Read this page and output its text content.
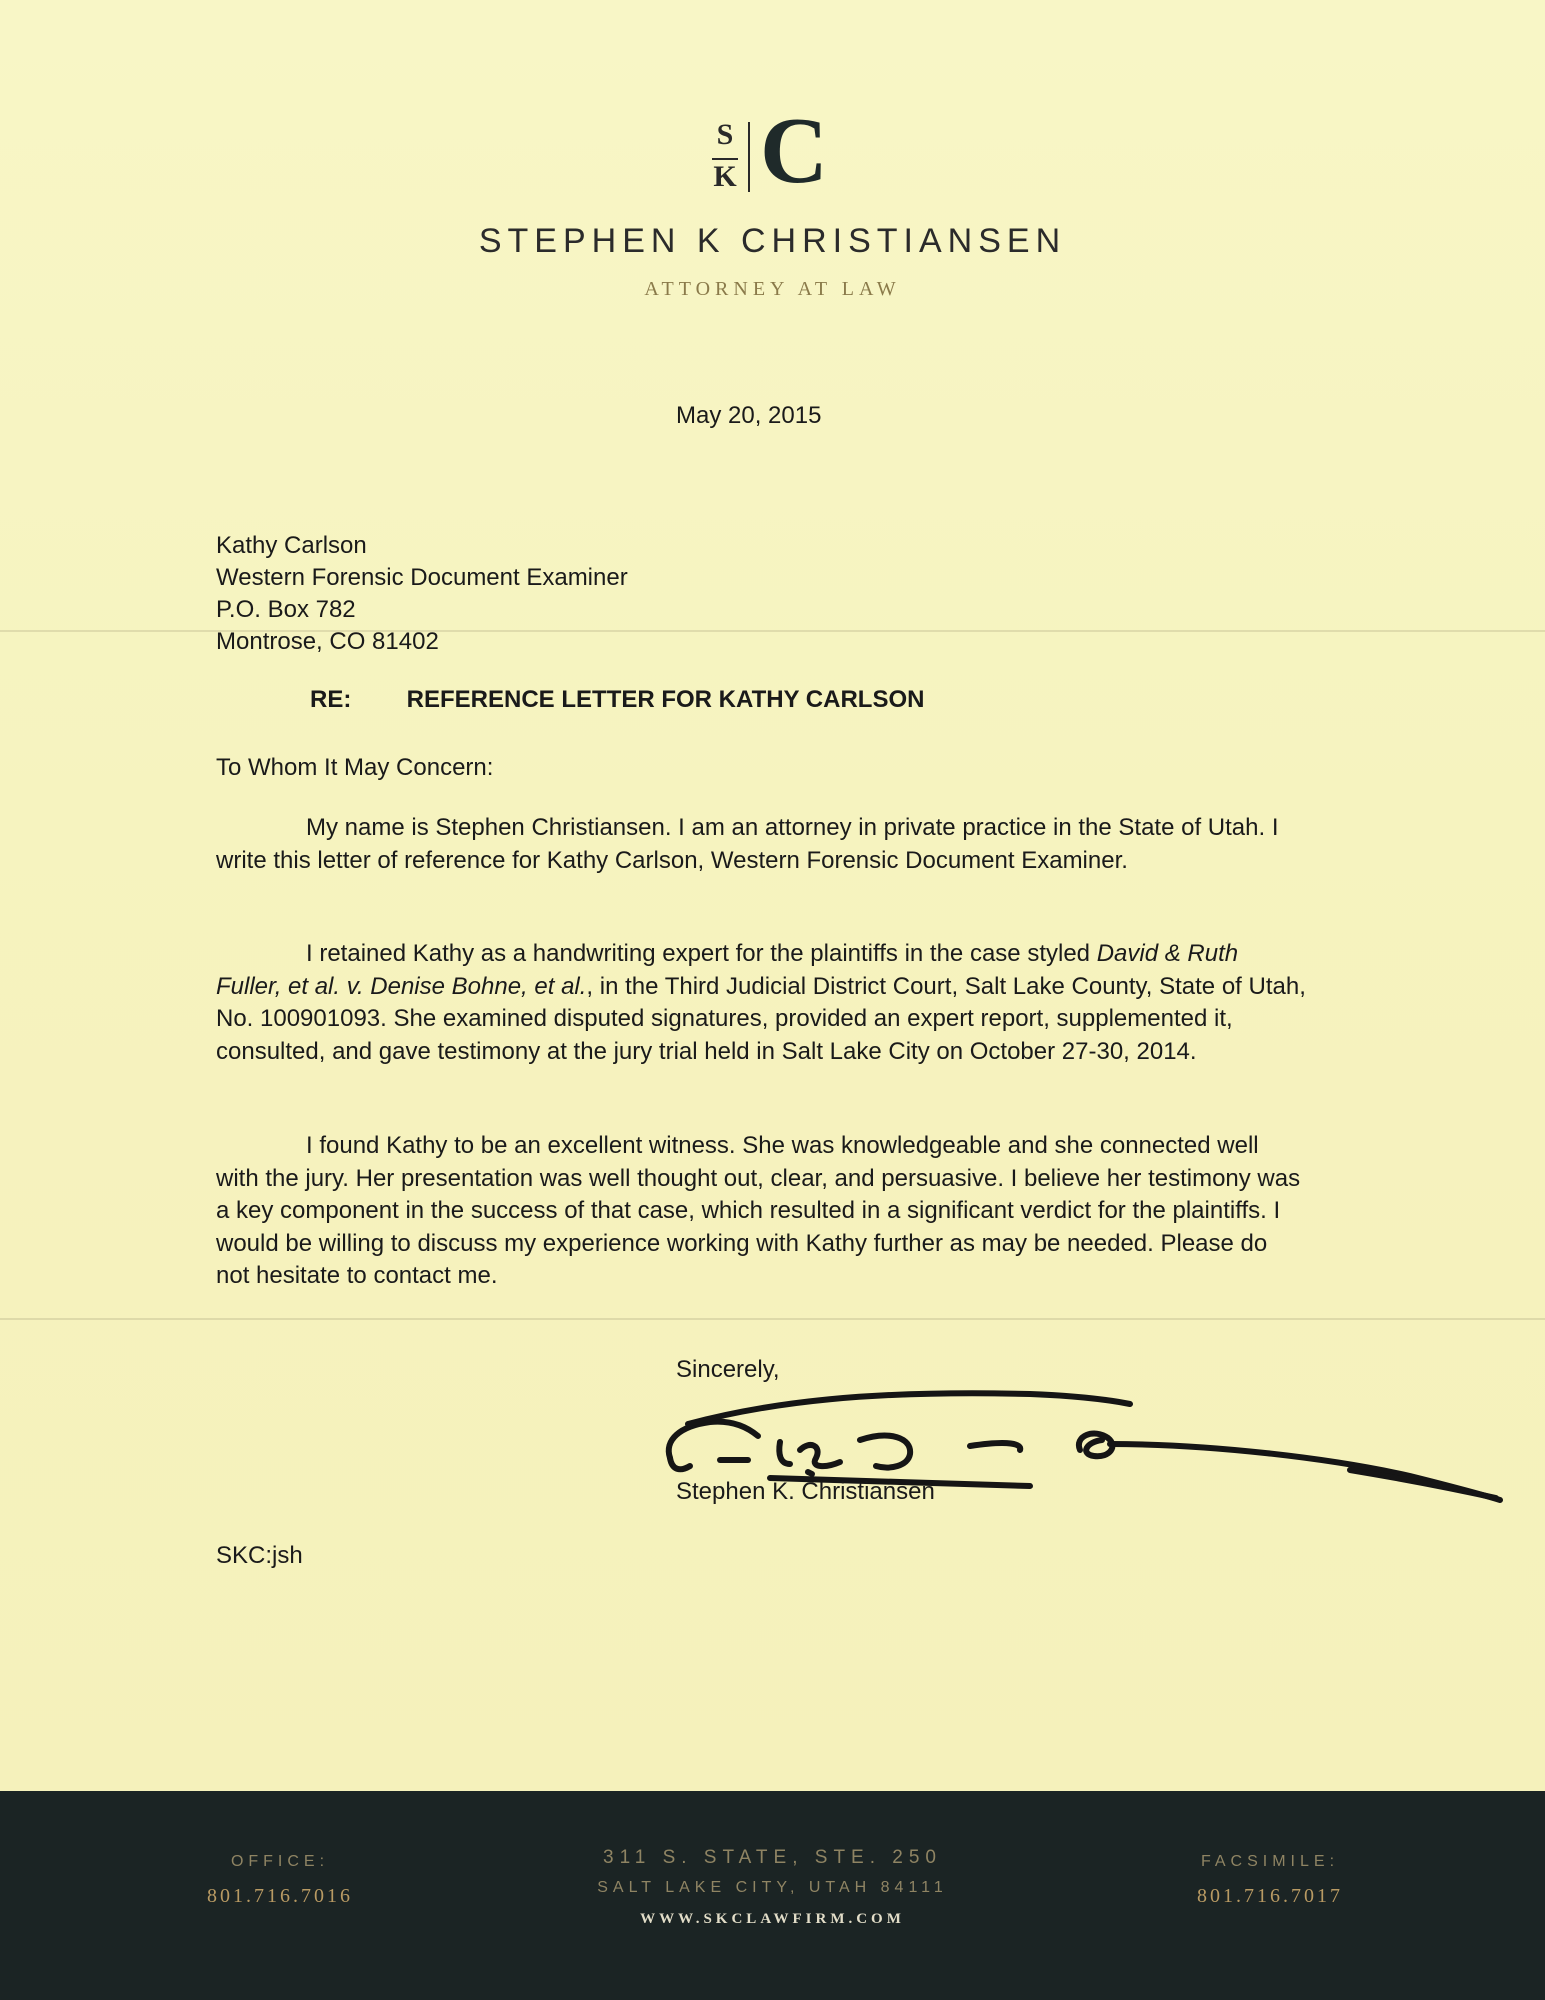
S
K C
STEPHEN K CHRISTIANSEN
ATTORNEY AT LAW
May 20, 2015
Kathy Carlson
Western Forensic Document Examiner
P.O. Box 782
Montrose, CO 81402
RE: REFERENCE LETTER FOR KATHY CARLSON
To Whom It May Concern:
My name is Stephen Christiansen. I am an attorney in private practice in the State of Utah. I write this letter of reference for Kathy Carlson, Western Forensic Document Examiner.
I retained Kathy as a handwriting expert for the plaintiffs in the case styled David & Ruth Fuller, et al. v. Denise Bohne, et al., in the Third Judicial District Court, Salt Lake County, State of Utah, No. 100901093. She examined disputed signatures, provided an expert report, supplemented it, consulted, and gave testimony at the jury trial held in Salt Lake City on October 27-30, 2014.
I found Kathy to be an excellent witness. She was knowledgeable and she connected well with the jury. Her presentation was well thought out, clear, and persuasive. I believe her testimony was a key component in the success of that case, which resulted in a significant verdict for the plaintiffs. I would be willing to discuss my experience working with Kathy further as may be needed. Please do not hesitate to contact me.
Sincerely,
Stephen K. Christiansen
SKC:jsh
OFFICE:
801.716.7016
311 S. STATE, STE. 250
SALT LAKE CITY, UTAH 84111
WWW.SKCLAWFIRM.COM
FACSIMILE:
801.716.7017
